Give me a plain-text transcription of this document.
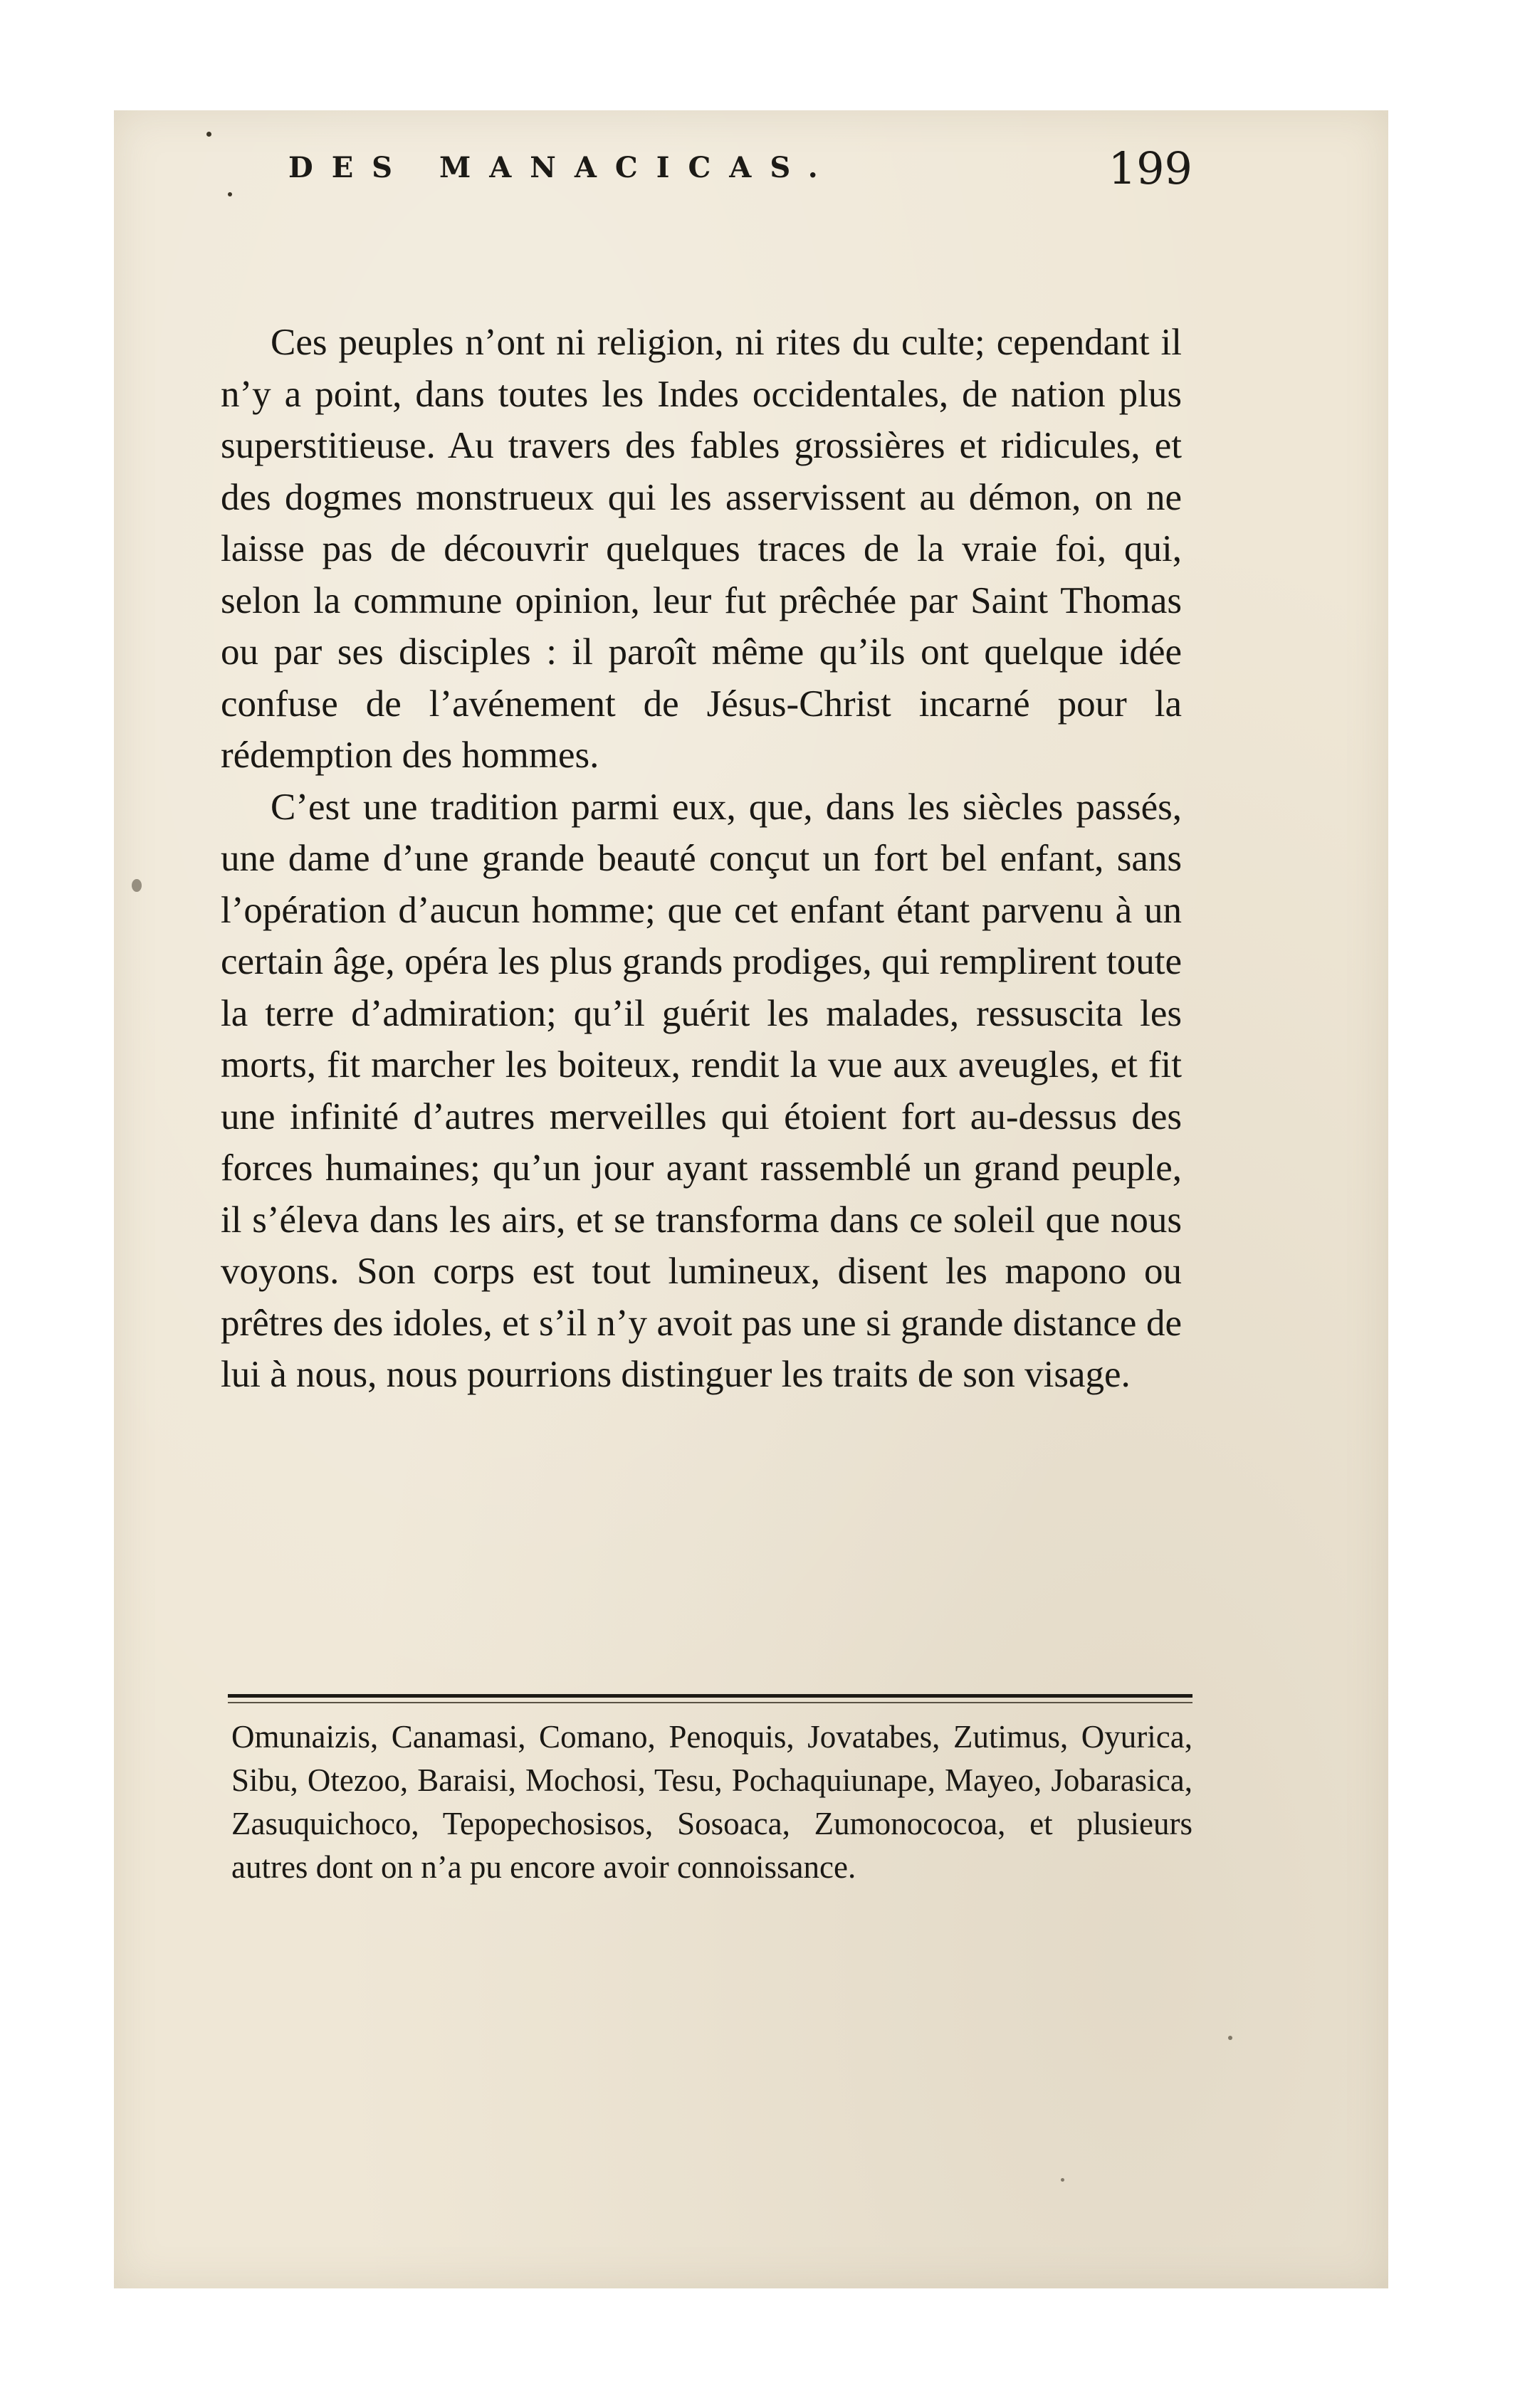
DES MANACICAS.	199

Ces peuples n’ont ni religion, ni rites du culte; cependant il n’y a point, dans toutes les Indes occidentales, de nation plus superstitieuse. Au travers des fables grossières et ridicules, et des dogmes monstrueux qui les asservissent au démon, on ne laisse pas de découvrir quelques traces de la vraie foi, qui, selon la commune opinion, leur fut prêchée par Saint Thomas ou par ses disciples : il paroît même qu’ils ont quelque idée confuse de l’avénement de Jésus-Christ incarné pour la rédemption des hommes.

C’est une tradition parmi eux, que, dans les siècles passés, une dame d’une grande beauté conçut un fort bel enfant, sans l’opération d’aucun homme; que cet enfant étant parvenu à un certain âge, opéra les plus grands prodiges, qui remplirent toute la terre d’admiration; qu’il guérit les malades, ressuscita les morts, fit marcher les boiteux, rendit la vue aux aveugles, et fit une infinité d’autres merveilles qui étoient fort au-dessus des forces humaines; qu’un jour ayant rassemblé un grand peuple, il s’éleva dans les airs, et se transforma dans ce soleil que nous voyons. Son corps est tout lumineux, disent les mapono ou prêtres des idoles, et s’il n’y avoit pas une si grande distance de lui à nous, nous pourrions distinguer les traits de son visage.

Omunaizis, Canamasi, Comano, Penoquis, Jovatabes, Zutimus, Oyurica, Sibu, Otezoo, Baraisi, Mochosi, Tesu, Pochaquiunape, Mayeo, Jobarasica, Zasuquichoco, Tepopechosisos, Sosoaca, Zumonococoa, et plusieurs autres dont on n’a pu encore avoir connoissance.
